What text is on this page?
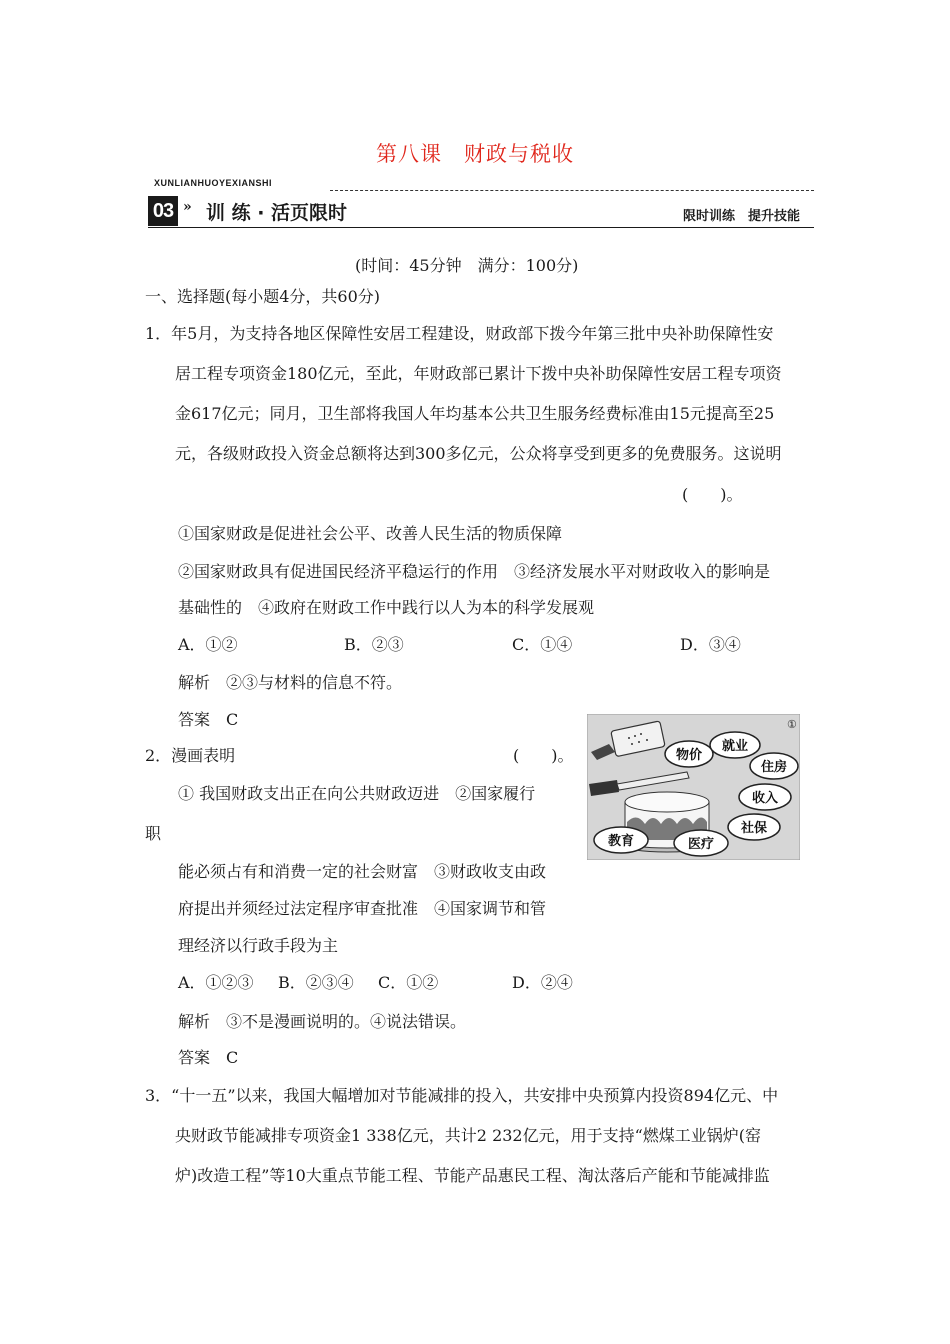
第八课　财政与税收
XUNLIANHUOYEXIANSHI
03 » 训 练 · 活页限时	限时训练　提升技能
(时间：45分钟　满分：100分)
一、选择题(每小题4分，共60分)
1．年5月，为支持各地区保障性安居工程建设，财政部下拨今年第三批中央补助保障性安
居工程专项资金180亿元，至此，年财政部已累计下拨中央补助保障性安居工程专项资
金617亿元；同月，卫生部将我国人年均基本公共卫生服务经费标准由15元提高至25
元，各级财政投入资金总额将达到300多亿元，公众将享受到更多的免费服务。这说明
(　　)。
①国家财政是促进社会公平、改善人民生活的物质保障
②国家财政具有促进国民经济平稳运行的作用　③经济发展水平对财政收入的影响是
基础性的　④政府在财政工作中践行以人为本的科学发展观
A．①②	B．②③	C．①④	D．③④
解析　②③与材料的信息不符。
答案　C
2．漫画表明	(　　)。
① 我国财政支出正在向公共财政迈进　②国家履行
职
能必须占有和消费一定的社会财富　③财政收支由政
府提出并须经过法定程序审查批准　④国家调节和管
理经济以行政手段为主
A．①②③ B．②③④ C．①②	D．②④
解析　③不是漫画说明的。④说法错误。
答案　C
①
物价
就业
住房
收入
社保
教育	医疗
3．“十一五”以来，我国大幅增加对节能减排的投入，共安排中央预算内投资894亿元、中
央财政节能减排专项资金1 338亿元，共计2 232亿元，用于支持“燃煤工业锅炉(窑
炉)改造工程”等10大重点节能工程、节能产品惠民工程、淘汰落后产能和节能减排监
